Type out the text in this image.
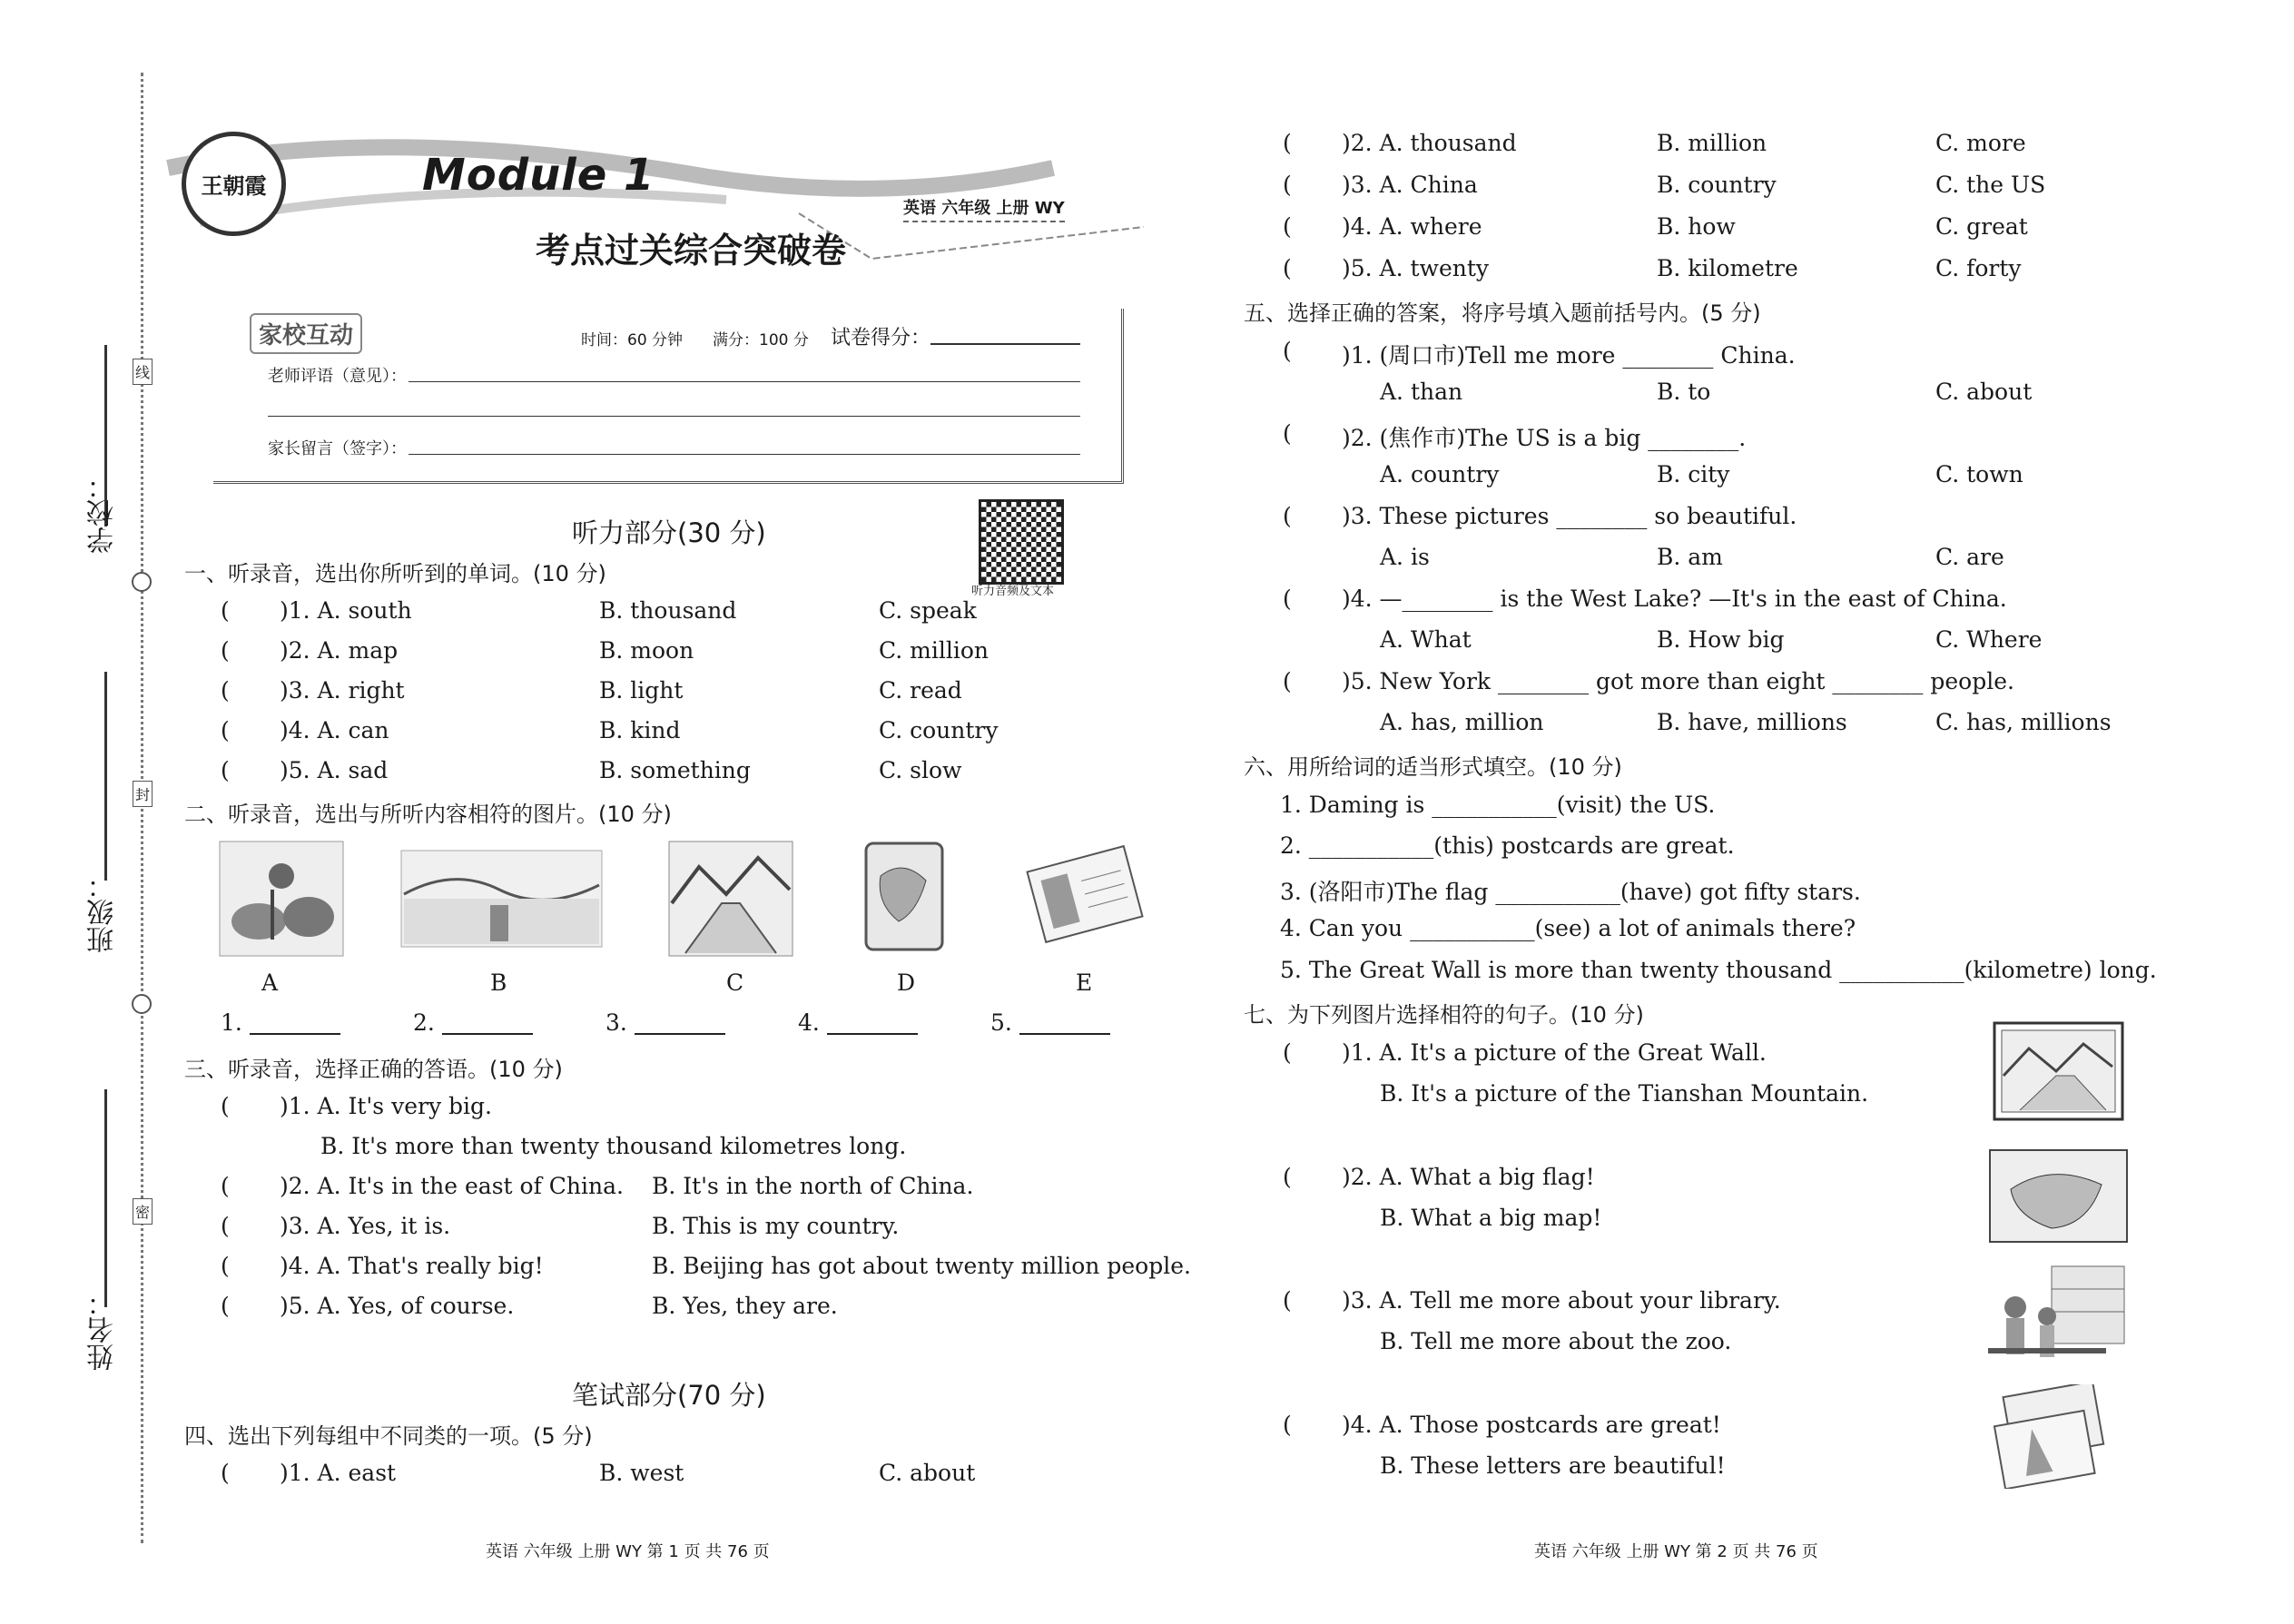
学校：
班级：
姓名：
线
封
密
王朝霞	Module 1
考点过关综合突破卷
英语 六年级 上册 WY
家校互动	时间：60 分钟 满分：100 分 试卷得分：
老师评语（意见）：
家长留言（签字）：
听力部分(30 分)
听力音频及文本
一、听录音，选出你所听到的单词。(10 分)
( )1. A. south	B. thousand	C. speak
( )2. A. map	B. moon	C. million
( )3. A. right	B. light	C. read
( )4. A. can	B. kind	C. country
( )5. A. sad	B. something	C. slow
二、听录音，选出与所听内容相符的图片。(10 分)
A	B	C	D	E
1.	2.	3.	4.	5.
三、听录音，选择正确的答语。(10 分)
( )1. A. It's very big.
B. It's more than twenty thousand kilometres long.
( )2. A. It's in the east of China. B. It's in the north of China.
( )3. A. Yes, it is.	B. This is my country.
( )4. A. That's really big!	B. Beijing has got about twenty million people.
( )5. A. Yes, of course.	B. Yes, they are.
笔试部分(70 分)
四、选出下列每组中不同类的一项。(5 分)
( )1. A. east	B. west	C. about
英语 六年级 上册 WY 第 1 页 共 76 页
( )2. A. thousand	B. million	C. more
( )3. A. China	B. country	C. the US
( )4. A. where	B. how	C. great
( )5. A. twenty	B. kilometre	C. forty
五、选择正确的答案，将序号填入题前括号内。(5 分)
( )1. (周口市)Tell me more ________ China.
A. than	B. to	C. about
( )2. (焦作市)The US is a big ________.
A. country	B. city	C. town
( )3. These pictures ________ so beautiful.
A. is	B. am	C. are
( )4. —________ is the West Lake? —It's in the east of China.
A. What	B. How big	C. Where
( )5. New York ________ got more than eight ________ people.
A. has, million	B. have, millions	C. has, millions
六、用所给词的适当形式填空。(10 分)
1. Daming is ___________(visit) the US.
2. ___________(this) postcards are great.
3. (洛阳市)The flag ___________(have) got fifty stars.
4. Can you ___________(see) a lot of animals there?
5. The Great Wall is more than twenty thousand ___________(kilometre) long.
七、为下列图片选择相符的句子。(10 分)
( )1. A. It's a picture of the Great Wall.
B. It's a picture of the Tianshan Mountain.
( )2. A. What a big flag!
B. What a big map!
( )3. A. Tell me more about your library.
B. Tell me more about the zoo.
( )4. A. Those postcards are great!
B. These letters are beautiful!
英语 六年级 上册 WY 第 2 页 共 76 页
